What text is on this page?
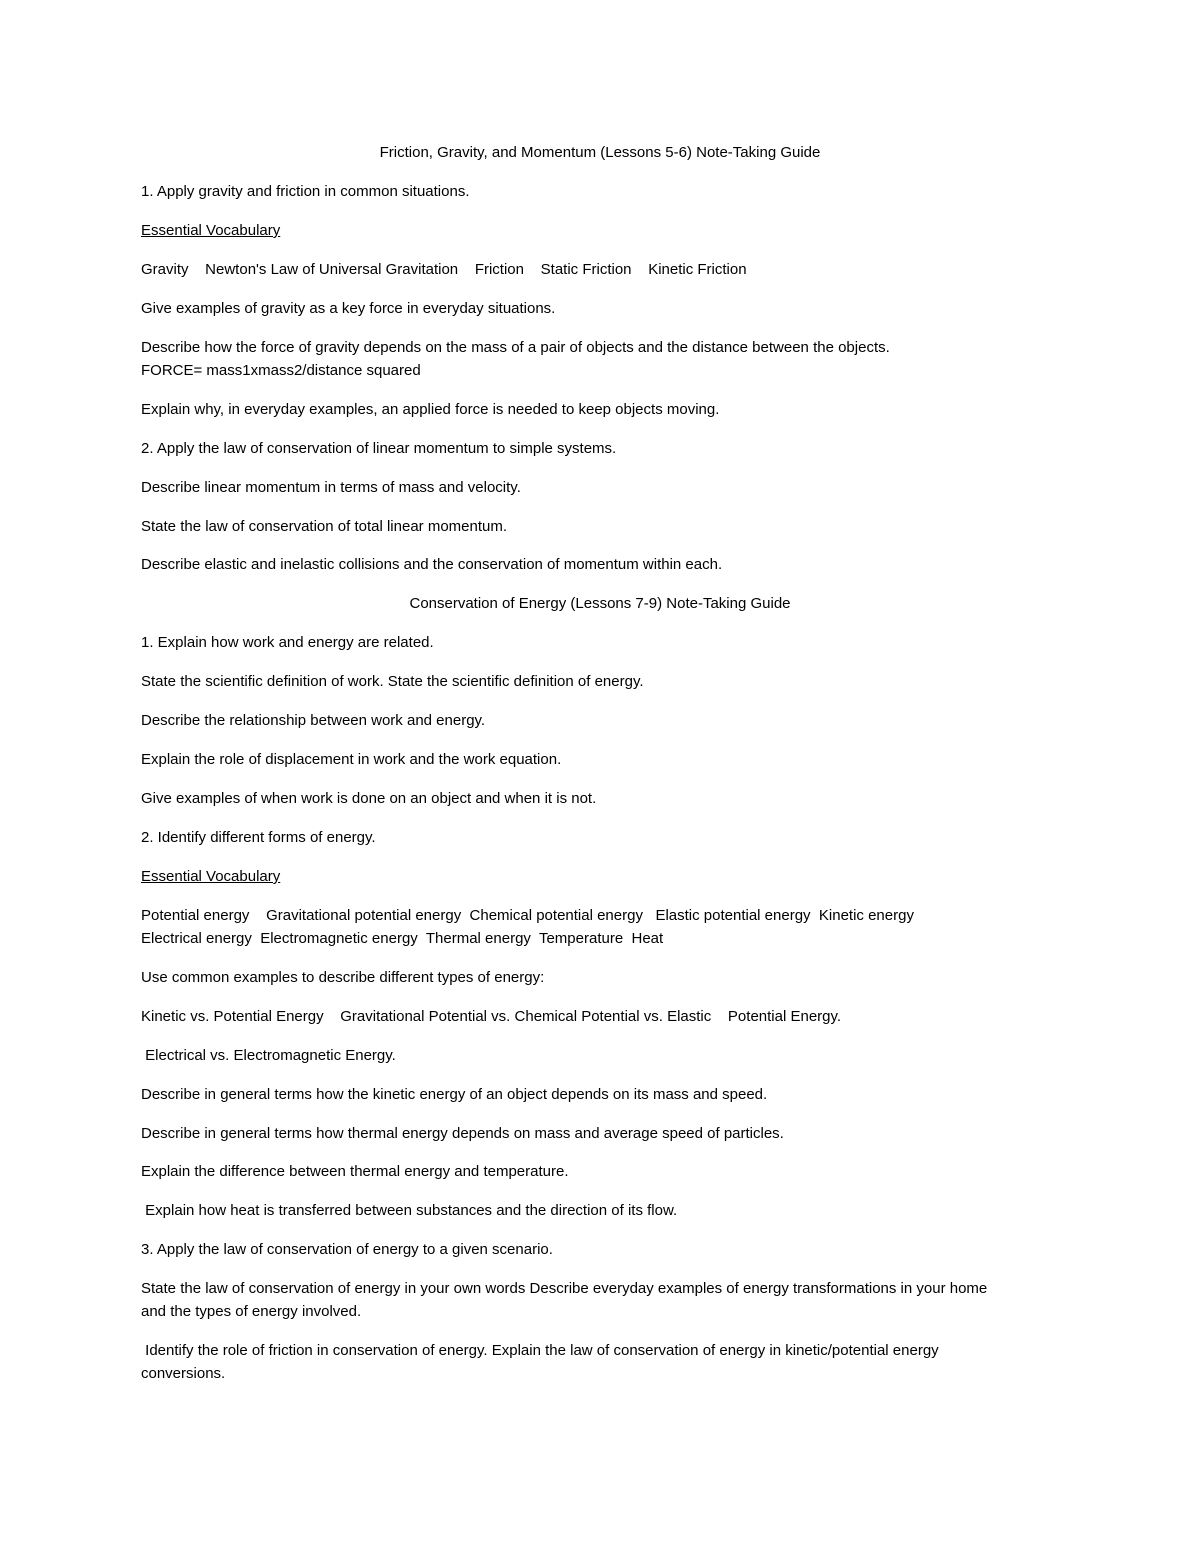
Friction, Gravity, and Momentum (Lessons 5-6) Note-Taking Guide

1. Apply gravity and friction in common situations.

Essential Vocabulary

Gravity    Newton's Law of Universal Gravitation    Friction    Static Friction    Kinetic Friction

Give examples of gravity as a key force in everyday situations.

Describe how the force of gravity depends on the mass of a pair of objects and the distance between the objects.

FORCE= mass1xmass2/distance squared

Explain why, in everyday examples, an applied force is needed to keep objects moving.

2. Apply the law of conservation of linear momentum to simple systems.

Describe linear momentum in terms of mass and velocity.

State the law of conservation of total linear momentum.

Describe elastic and inelastic collisions and the conservation of momentum within each.

Conservation of Energy (Lessons 7-9) Note-Taking Guide

1. Explain how work and energy are related.

State the scientific definition of work. State the scientific definition of energy.

Describe the relationship between work and energy.

Explain the role of displacement in work and the work equation.

Give examples of when work is done on an object and when it is not.

2. Identify different forms of energy.

Essential Vocabulary

Potential energy    Gravitational potential energy  Chemical potential energy   Elastic potential energy  Kinetic energy

Electrical energy  Electromagnetic energy  Thermal energy  Temperature  Heat

Use common examples to describe different types of energy:

Kinetic vs. Potential Energy    Gravitational Potential vs. Chemical Potential vs. Elastic    Potential Energy.

Electrical vs. Electromagnetic Energy.

Describe in general terms how the kinetic energy of an object depends on its mass and speed.

Describe in general terms how thermal energy depends on mass and average speed of particles.

Explain the difference between thermal energy and temperature.

Explain how heat is transferred between substances and the direction of its flow.

3. Apply the law of conservation of energy to a given scenario.

State the law of conservation of energy in your own words Describe everyday examples of energy transformations in your home

and the types of energy involved.

Identify the role of friction in conservation of energy. Explain the law of conservation of energy in kinetic/potential energy

conversions.
